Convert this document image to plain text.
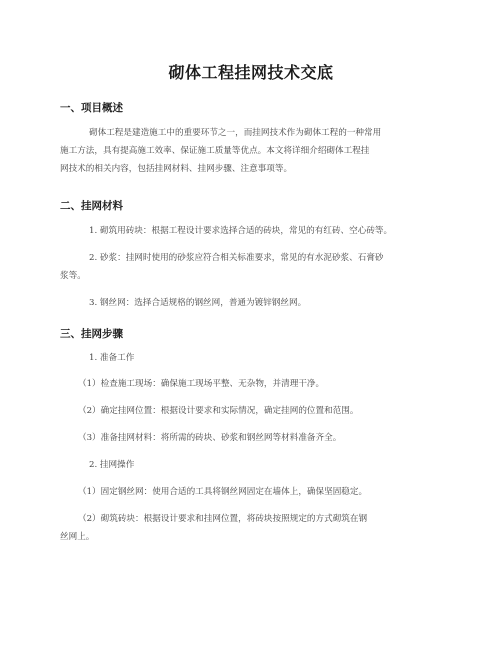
砌体工程挂网技术交底
一、项目概述
砌体工程是建造施工中的重要环节之一，而挂网技术作为砌体工程的一种常用
施工方法，具有提高施工效率、保证施工质量等优点。本文将详细介绍砌体工程挂
网技术的相关内容，包括挂网材料、挂网步骤、注意事项等。
二、挂网材料
1. 砌筑用砖块：根据工程设计要求选择合适的砖块，常见的有红砖、空心砖等。
2. 砂浆：挂网时使用的砂浆应符合相关标准要求，常见的有水泥砂浆、石膏砂
浆等。
3. 钢丝网：选择合适规格的钢丝网，普通为镀锌钢丝网。
三、挂网步骤
1. 准备工作
（1）检查施工现场：确保施工现场平整、无杂物，并清理干净。
（2）确定挂网位置：根据设计要求和实际情况，确定挂网的位置和范围。
（3）准备挂网材料：将所需的砖块、砂浆和钢丝网等材料准备齐全。
2. 挂网操作
（1）固定钢丝网：使用合适的工具将钢丝网固定在墙体上，确保坚固稳定。
（2）砌筑砖块：根据设计要求和挂网位置，将砖块按照规定的方式砌筑在钢
丝网上。
